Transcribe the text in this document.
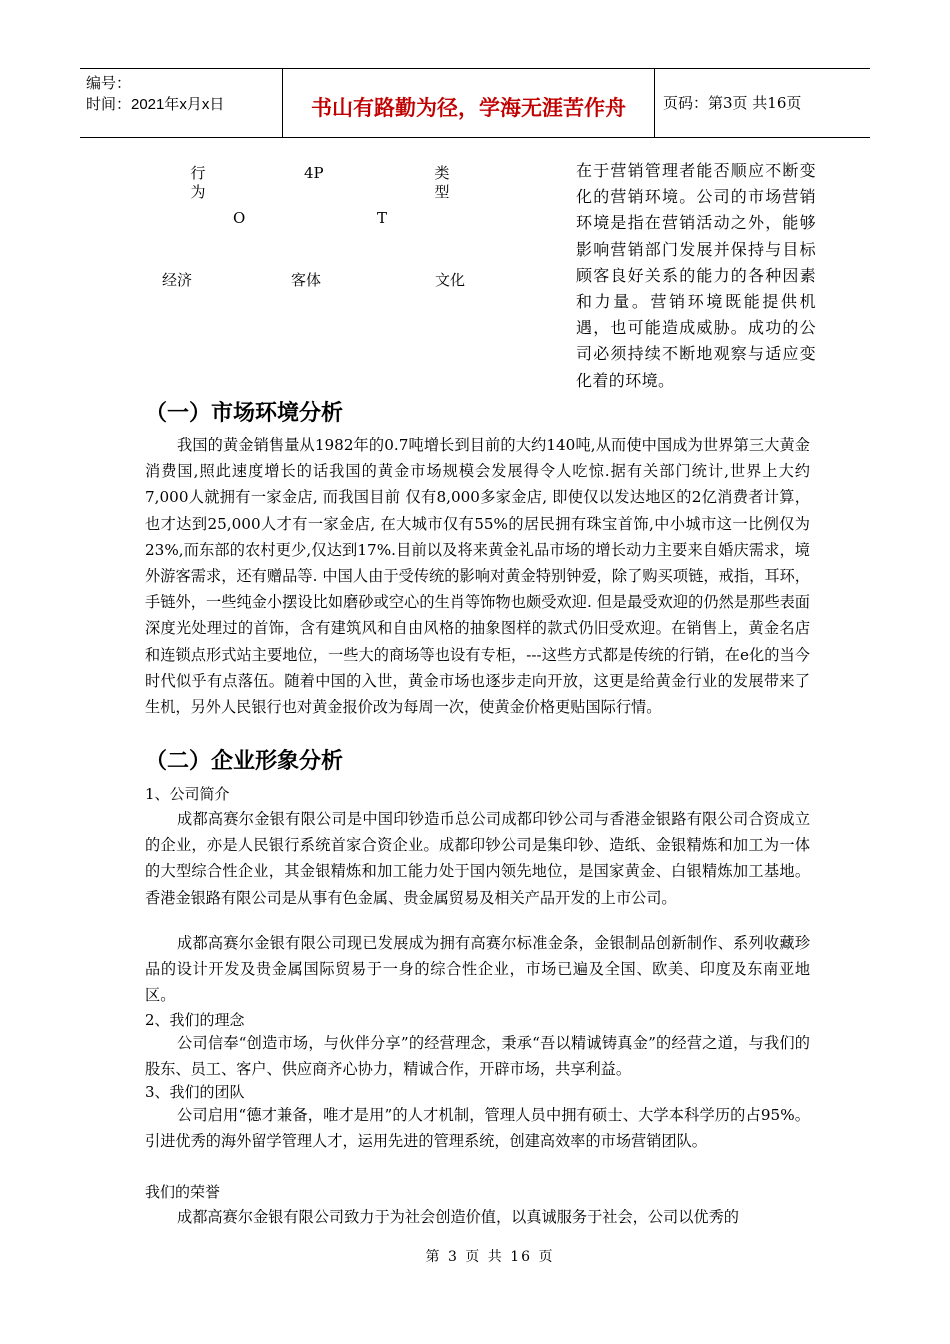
编号：
时间：2021年x月x日	书山有路勤为径，学海无涯苦作舟	页码：第3页 共16页
行
为
4P	类
型
O	T
经济	客体	文化
在于营销管理者能否顺应不断变化的营销环境。公司的市场营销环境是指在营销活动之外，能够影响营销部门发展并保持与目标顾客良好关系的能力的各种因素和力量。营销环境既能提供机遇，也可能造成威胁。成功的公司必须持续不断地观察与适应变化着的环境。
（一）市场环境分析
我国的黄金销售量从1982年的0.7吨增长到目前的大约140吨,从而使中国成为世界第三大黄金消费国,照此速度增长的话我国的黄金市场规模会发展得令人吃惊.据有关部门统计,世界上大约7,000人就拥有一家金店, 而我国目前 仅有8,000多家金店, 即使仅以发达地区的2亿消费者计算，也才达到25,000人才有一家金店, 在大城市仅有55%的居民拥有珠宝首饰,中小城市这一比例仅为23%,而东部的农村更少,仅达到17%.目前以及将来黄金礼品市场的增长动力主要来自婚庆需求，境外游客需求，还有赠品等. 中国人由于受传统的影响对黄金特别钟爱，除了购买项链，戒指，耳环，手链外，一些纯金小摆设比如磨砂或空心的生肖等饰物也颇受欢迎. 但是最受欢迎的仍然是那些表面深度光处理过的首饰，含有建筑风和自由风格的抽象图样的款式仍旧受欢迎。在销售上，黄金名店和连锁点形式站主要地位，一些大的商场等也设有专柜，---这些方式都是传统的行销，在e化的当今时代似乎有点落伍。随着中国的入世，黄金市场也逐步走向开放，这更是给黄金行业的发展带来了生机，另外人民银行也对黄金报价改为每周一次，使黄金价格更贴国际行情。
（二）企业形象分析
1、公司简介
成都高赛尔金银有限公司是中国印钞造币总公司成都印钞公司与香港金银路有限公司合资成立的企业，亦是人民银行系统首家合资企业。成都印钞公司是集印钞、造纸、金银精炼和加工为一体的大型综合性企业，其金银精炼和加工能力处于国内领先地位，是国家黄金、白银精炼加工基地。香港金银路有限公司是从事有色金属、贵金属贸易及相关产品开发的上市公司。
成都高赛尔金银有限公司现已发展成为拥有高赛尔标准金条，金银制品创新制作、系列收藏珍品的设计开发及贵金属国际贸易于一身的综合性企业，市场已遍及全国、欧美、印度及东南亚地区。
2、我们的理念
公司信奉“创造市场，与伙伴分享”的经营理念，秉承“吾以精诚铸真金”的经营之道，与我们的股东、员工、客户、供应商齐心协力，精诚合作，开辟市场，共享利益。
3、我们的团队
公司启用“德才兼备，唯才是用”的人才机制，管理人员中拥有硕士、大学本科学历的占95%。引进优秀的海外留学管理人才，运用先进的管理系统，创建高效率的市场营销团队。
我们的荣誉
成都高赛尔金银有限公司致力于为社会创造价值，以真诚服务于社会，公司以优秀的
第 3 页 共 16 页
